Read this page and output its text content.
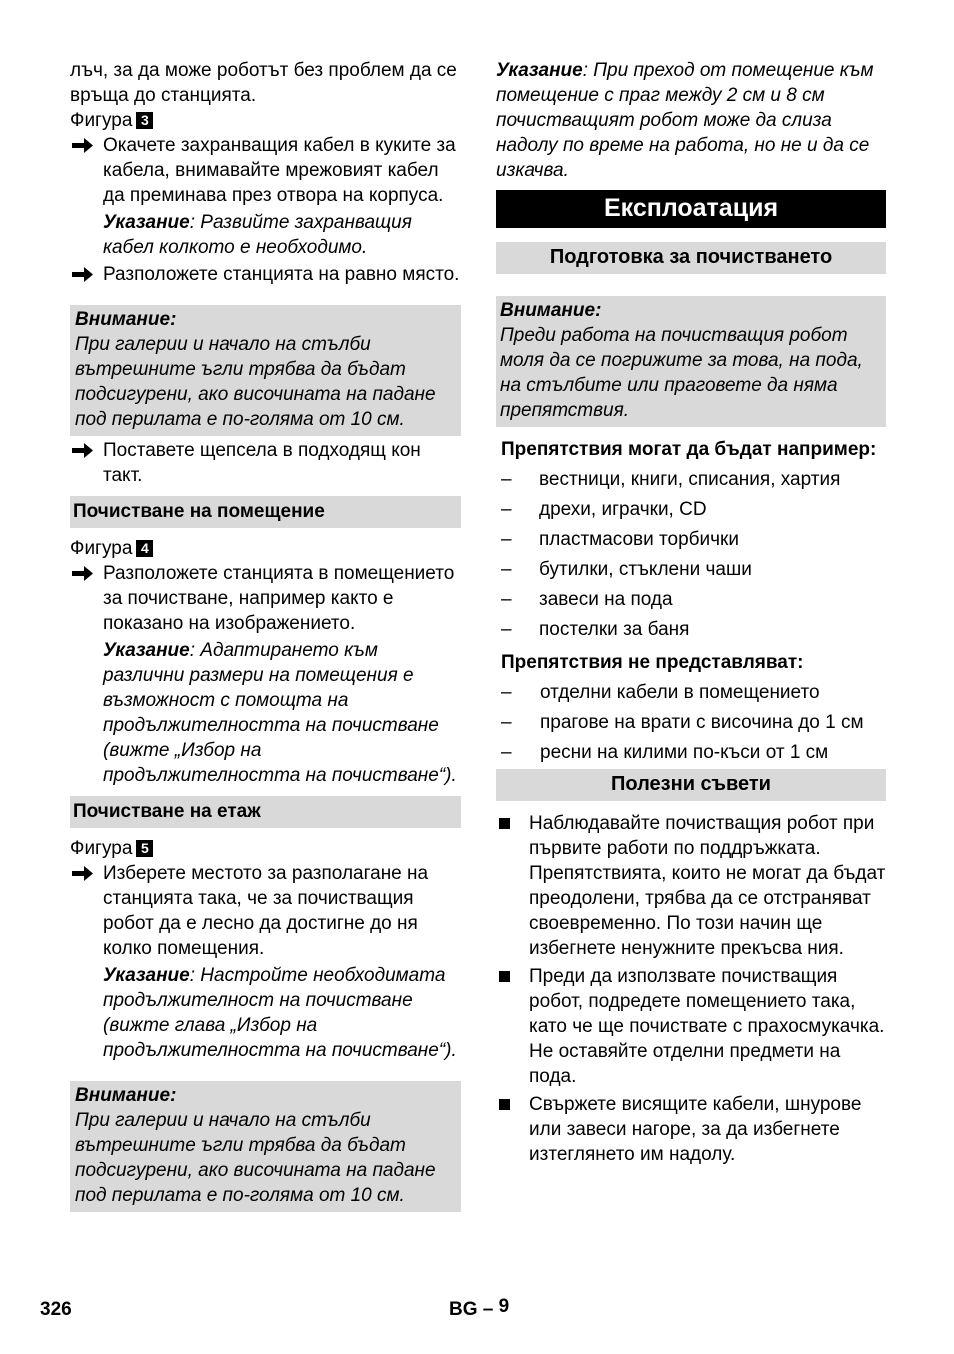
лъч, за да може роботът без проблем да се връща до станцията.

Фигура 3

Окачете захранващия кабел в куките за кабела, внимавайте мрежовият кабел да преминава през отвора на корпуса.

Указание: Развийте захранващия кабел колкото е необходимо.

Разположете станцията на равно място.

Внимание:

При галерии и начало на стълби вътрешните ъгли трябва да бъдат подсигурени, ако височината на падане под перилата е по-голяма от 10 см.

Поставете щепсела в подходящ кон такт.

Почистване на помещение

Фигура 4

Разположете станцията в помещението за почистване, например както е показано на изображението.

Указание: Адаптирането към различни размери на помещения е възможност с помощта на продължителността на почистване (вижте „Избор на продължителността на почистване“).

Почистване на етаж

Фигура 5

Изберете местото за разполагане на станцията така, че за почистващия робот да е лесно да достигне до ня колко помещения.

Указание: Настройте необходимата продължителност на почистване (вижте глава „Избор на продължителността на почистване“).

Внимание:

При галерии и начало на стълби вътрешните ъгли трябва да бъдат подсигурени, ако височината на падане под перилата е по-голяма от 10 см.

Указание: При преход от помещение към помещение с праг между 2 см и 8 см почистващият робот може да слиза надолу по време на работа, но не и да се изкачва.

Експлоатация
Подготовка за почистването

Внимание:

Преди работа на почистващия робот моля да се погрижите за това, на пода, на стълбите или праговете да няма препятствия.

Препятствия могат да бъдат например:

– вестници, книги, списания, хартия
– дрехи, играчки, CD
– пластмасови торбички
– бутилки, стъклени чаши
– завеси на пода
– постелки за баня

Препятствия не представляват:

– отделни кабели в помещението
– прагове на врати с височина до 1 см
– ресни на килими по-къси от 1 см
Полезни съвети

Наблюдавайте почистващия робот при първите работи по поддръжката. Препятствията, които не могат да бъдат преодолени, трябва да се отстраняват своевременно. По този начин ще избегнете ненужните прекъсва ния.

Преди да използвате почистващия робот, подредете помещението така, като че ще почиствате с прахосмукачка. Не оставяйте отделни предмети на пода.

Свържете висящите кабели, шнурове или завеси нагоре, за да избегнете изтеглянето им надолу.

326	BG – 9
